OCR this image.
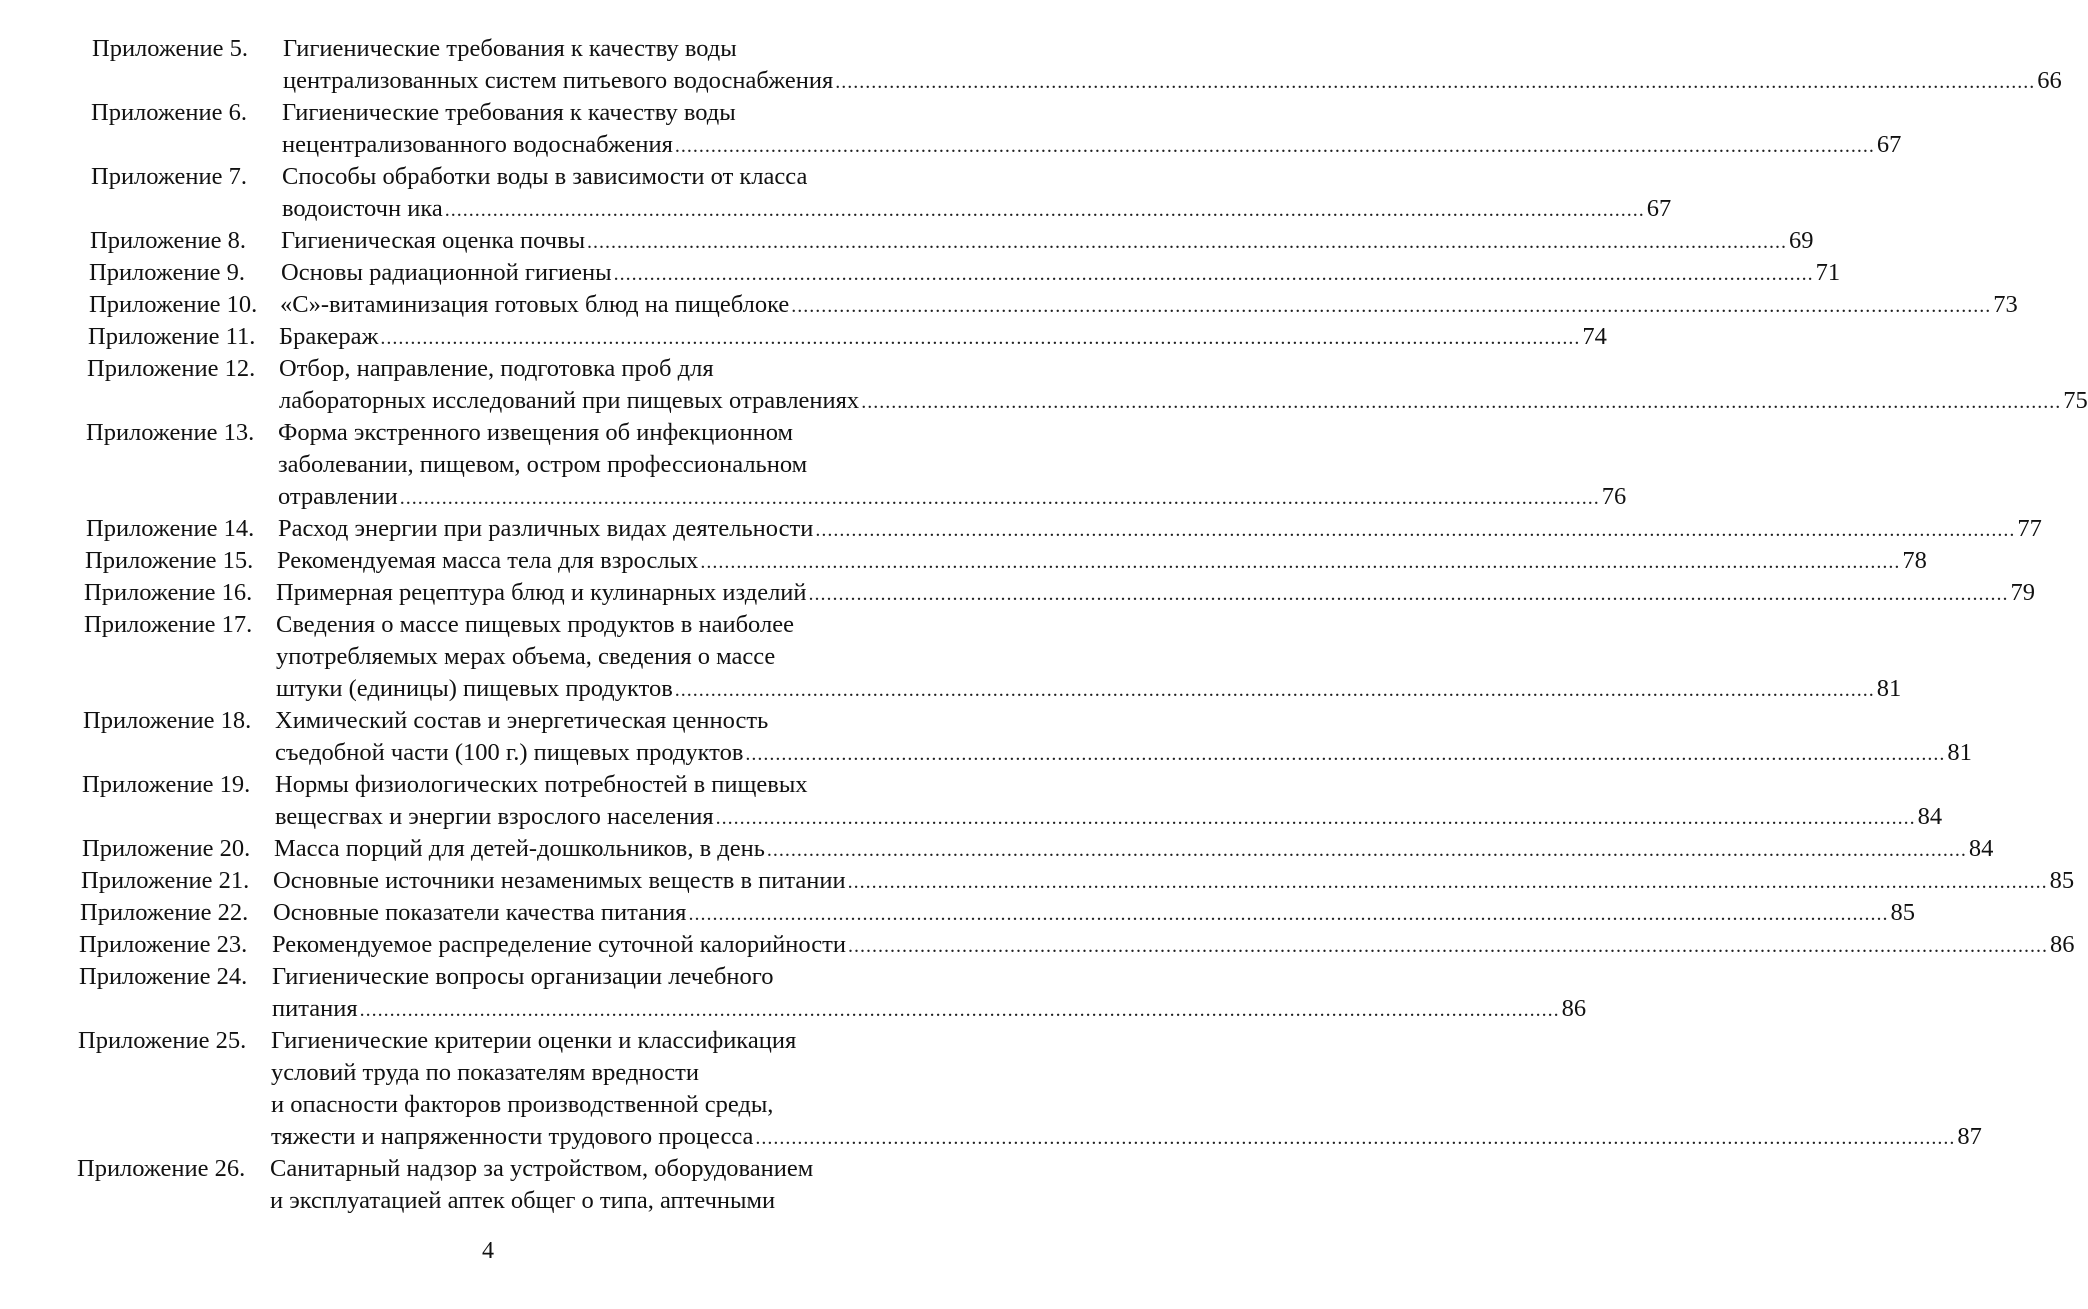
Приложение 5. Гигиенические требования к качеству воды
централизованных систем питьевого водоснабжения ........................................................................................................................................................................................................ 66
Приложение 6. Гигиенические требования к качеству воды
нецентрализованного водоснабжения ........................................................................................................................................................................................................ 67
Приложение 7. Способы обработки воды в зависимости от класса
водоисточн ика ........................................................................................................................................................................................................ 67
Приложение 8. Гигиеническая оценка почвы ........................................................................................................................................................................................................ 69
Приложение 9. Основы радиационной гигиены ........................................................................................................................................................................................................ 71
Приложение 10. «С»-витаминизация готовых блюд на пищеблоке ........................................................................................................................................................................................................ 73
Приложение 11. Бракераж ........................................................................................................................................................................................................ 74
Приложение 12. Отбор, направление, подготовка проб для
лабораторных исследований при пищевых отравлениях ........................................................................................................................................................................................................ 75
Приложение 13. Форма экстренного извещения об инфекционном
заболевании, пищевом, остром профессиональном
отравлении ........................................................................................................................................................................................................ 76
Приложение 14. Расход энергии при различных видах деятельности ........................................................................................................................................................................................................ 77
Приложение 15. Рекомендуемая масса тела для взрослых ........................................................................................................................................................................................................ 78
Приложение 16. Примерная рецептура блюд и кулинарных изделий ........................................................................................................................................................................................................ 79
Приложение 17. Сведения о массе пищевых продуктов в наиболее
употребляемых мерах объема, сведения о массе
штуки (единицы) пищевых продуктов ........................................................................................................................................................................................................ 81
Приложение 18. Химический состав и энергетическая ценность
съедобной части (100 г.) пищевых продуктов ........................................................................................................................................................................................................ 81
Приложение 19. Нормы физиологических потребностей в пищевых
вещесгвах и энергии взрослого населения ........................................................................................................................................................................................................ 84
Приложение 20. Масса порций для детей-дошкольников, в день ........................................................................................................................................................................................................ 84
Приложение 21. Основные источники незаменимых веществ в питании ........................................................................................................................................................................................................ 85
Приложение 22. Основные показатели качества питания ........................................................................................................................................................................................................ 85
Приложение 23. Рекомендуемое распределение суточной калорийности ........................................................................................................................................................................................................ 86
Приложение 24. Гигиенические вопросы организации лечебного
питания ........................................................................................................................................................................................................ 86
Приложение 25. Гигиенические критерии оценки и классификация
условий труда по показателям вредности
и опасности факторов производственной среды,
тяжести и напряженности трудового процесса ........................................................................................................................................................................................................ 87
Приложение 26. Санитарный надзор за устройством, оборудованием
и эксплуатацией аптек общег о типа, аптечными
4
